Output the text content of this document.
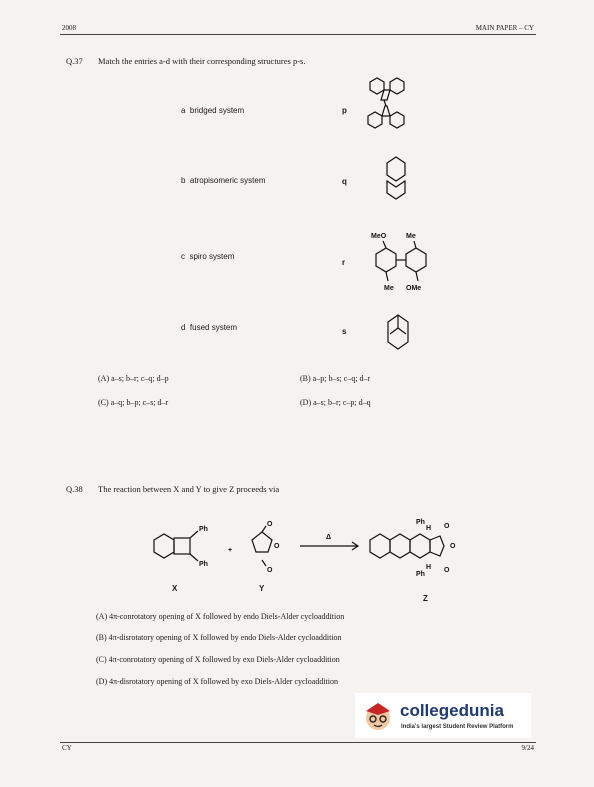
2008	MAIN PAPER – CY
Q.37 Match the entries a-d with their corresponding structures p-s.
a bridged system
b atropisomeric system
c spiro system
d fused system
p
q
r
s
MeO	Me
Me OMe
(A) a–s; b–r; c–q; d–p	(B) a–p; b–s; c–q; d–r
(C) a–q; b–p; c–s; d–r	(D) a–s; b–r; c–p; d–q
Q.38 The reaction between X and Y to give Z proceeds via
Ph
Ph
+
O
O
O
Δ
Ph
H
Ph
H
O
O
O
X	Y
Z
(A) 4π-conrotatory opening of X followed by endo Diels-Alder cycloaddition
(B) 4π-disrotatory opening of X followed by endo Diels-Alder cycloaddition
(C) 4π-conrotatory opening of X followed by exo Diels-Alder cycloaddition
(D) 4π-disrotatory opening of X followed by exo Diels-Alder cycloaddition
collegedunia
India's largest Student Review Platform
CY	9/24
